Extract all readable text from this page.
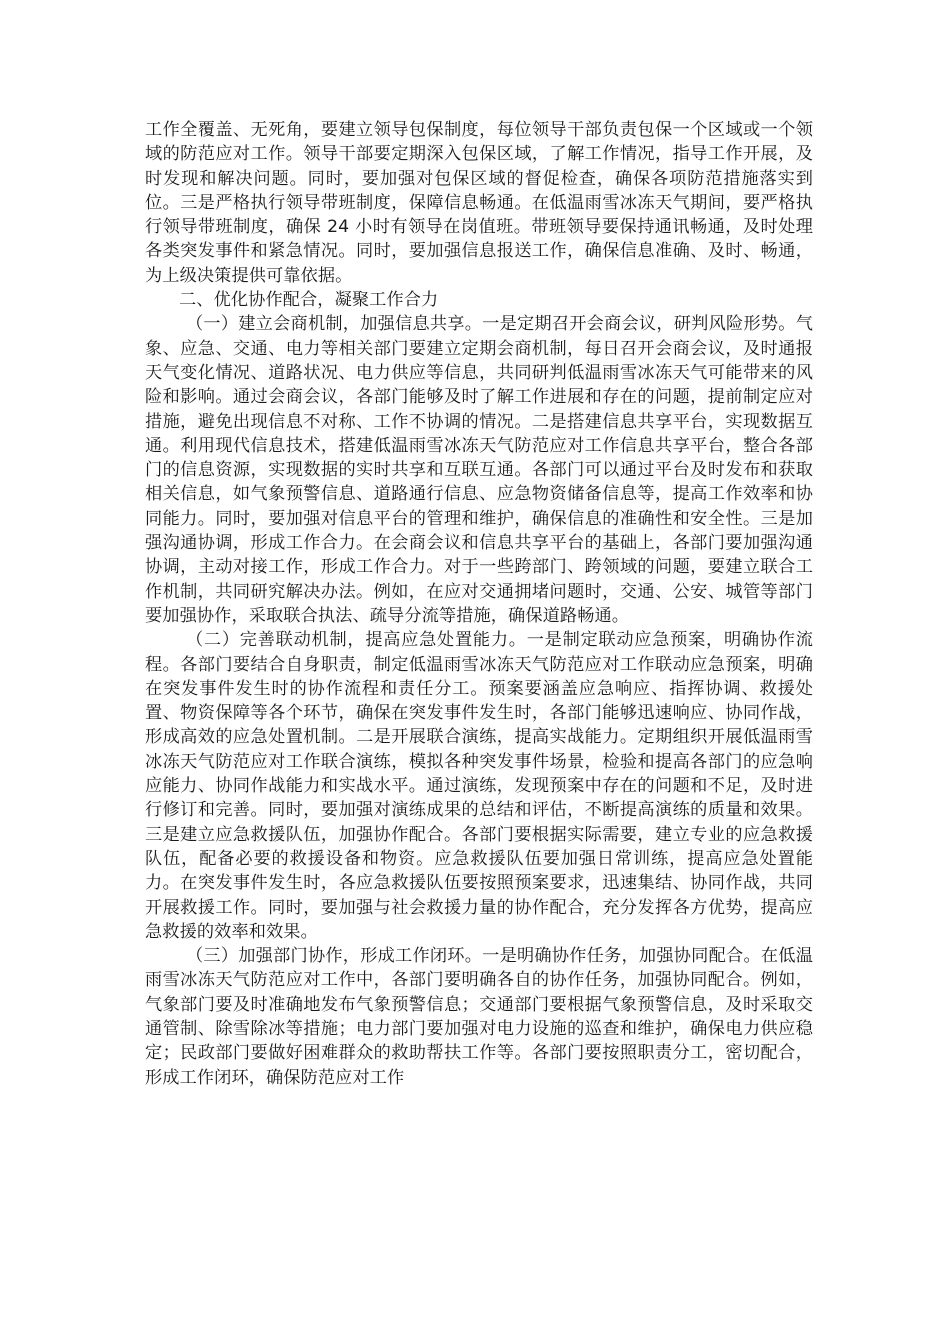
工作全覆盖、无死角，要建立领导包保制度，每位领导干部负责包保一个区域或一个领域的防范应对工作。领导干部要定期深入包保区域，了解工作情况，指导工作开展，及时发现和解决问题。同时，要加强对包保区域的督促检查，确保各项防范措施落实到位。三是严格执行领导带班制度，保障信息畅通。在低温雨雪冰冻天气期间，要严格执行领导带班制度，确保 24 小时有领导在岗值班。带班领导要保持通讯畅通，及时处理各类突发事件和紧急情况。同时，要加强信息报送工作，确保信息准确、及时、畅通，为上级决策提供可靠依据。

二、优化协作配合，凝聚工作合力

（一）建立会商机制，加强信息共享。一是定期召开会商会议，研判风险形势。气象、应急、交通、电力等相关部门要建立定期会商机制，每日召开会商会议，及时通报天气变化情况、道路状况、电力供应等信息，共同研判低温雨雪冰冻天气可能带来的风险和影响。通过会商会议，各部门能够及时了解工作进展和存在的问题，提前制定应对措施，避免出现信息不对称、工作不协调的情况。二是搭建信息共享平台，实现数据互通。利用现代信息技术，搭建低温雨雪冰冻天气防范应对工作信息共享平台，整合各部门的信息资源，实现数据的实时共享和互联互通。各部门可以通过平台及时发布和获取相关信息，如气象预警信息、道路通行信息、应急物资储备信息等，提高工作效率和协同能力。同时，要加强对信息平台的管理和维护，确保信息的准确性和安全性。三是加强沟通协调，形成工作合力。在会商会议和信息共享平台的基础上，各部门要加强沟通协调，主动对接工作，形成工作合力。对于一些跨部门、跨领域的问题，要建立联合工作机制，共同研究解决办法。例如，在应对交通拥堵问题时，交通、公安、城管等部门要加强协作，采取联合执法、疏导分流等措施，确保道路畅通。

（二）完善联动机制，提高应急处置能力。一是制定联动应急预案，明确协作流程。各部门要结合自身职责，制定低温雨雪冰冻天气防范应对工作联动应急预案，明确在突发事件发生时的协作流程和责任分工。预案要涵盖应急响应、指挥协调、救援处置、物资保障等各个环节，确保在突发事件发生时，各部门能够迅速响应、协同作战，形成高效的应急处置机制。二是开展联合演练，提高实战能力。定期组织开展低温雨雪冰冻天气防范应对工作联合演练，模拟各种突发事件场景，检验和提高各部门的应急响应能力、协同作战能力和实战水平。通过演练，发现预案中存在的问题和不足，及时进行修订和完善。同时，要加强对演练成果的总结和评估，不断提高演练的质量和效果。三是建立应急救援队伍，加强协作配合。各部门要根据实际需要，建立专业的应急救援队伍，配备必要的救援设备和物资。应急救援队伍要加强日常训练，提高应急处置能力。在突发事件发生时，各应急救援队伍要按照预案要求，迅速集结、协同作战，共同开展救援工作。同时，要加强与社会救援力量的协作配合，充分发挥各方优势，提高应急救援的效率和效果。

（三）加强部门协作，形成工作闭环。一是明确协作任务，加强协同配合。在低温雨雪冰冻天气防范应对工作中，各部门要明确各自的协作任务，加强协同配合。例如，气象部门要及时准确地发布气象预警信息；交通部门要根据气象预警信息，及时采取交通管制、除雪除冰等措施；电力部门要加强对电力设施的巡查和维护，确保电力供应稳定；民政部门要做好困难群众的救助帮扶工作等。各部门要按照职责分工，密切配合，形成工作闭环，确保防范应对工作
